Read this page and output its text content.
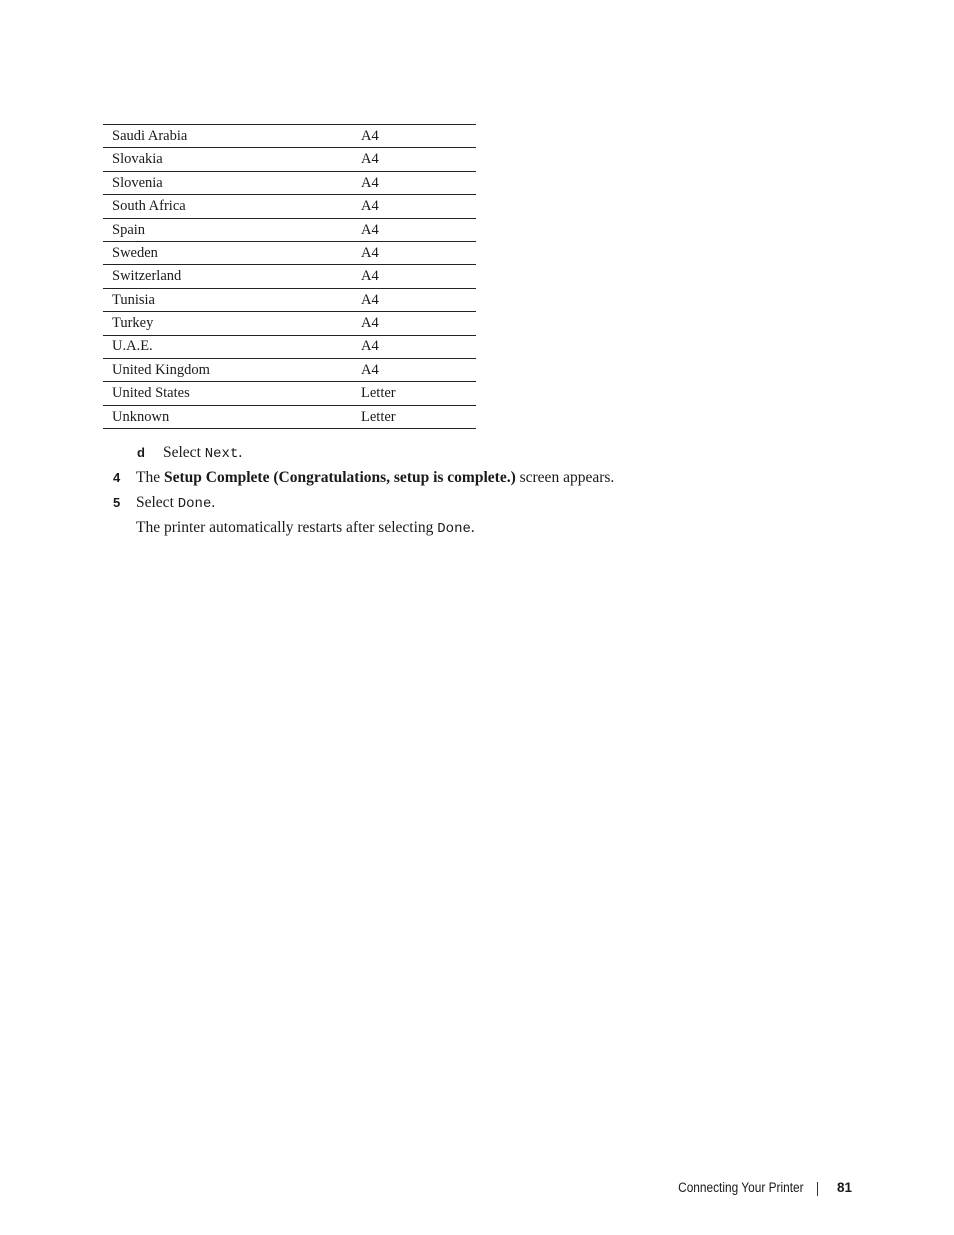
Saudi Arabia	A4
Slovakia	A4
Slovenia	A4
South Africa	A4
Spain	A4
Sweden	A4
Switzerland	A4
Tunisia	A4
Turkey	A4
U.A.E.	A4
United Kingdom	A4
United States	Letter
Unknown	Letter
d Select Next.
4 The Setup Complete (Congratulations, setup is complete.) screen appears.
5 Select Done.
The printer automatically restarts after selecting Done.
Connecting Your Printer 81
